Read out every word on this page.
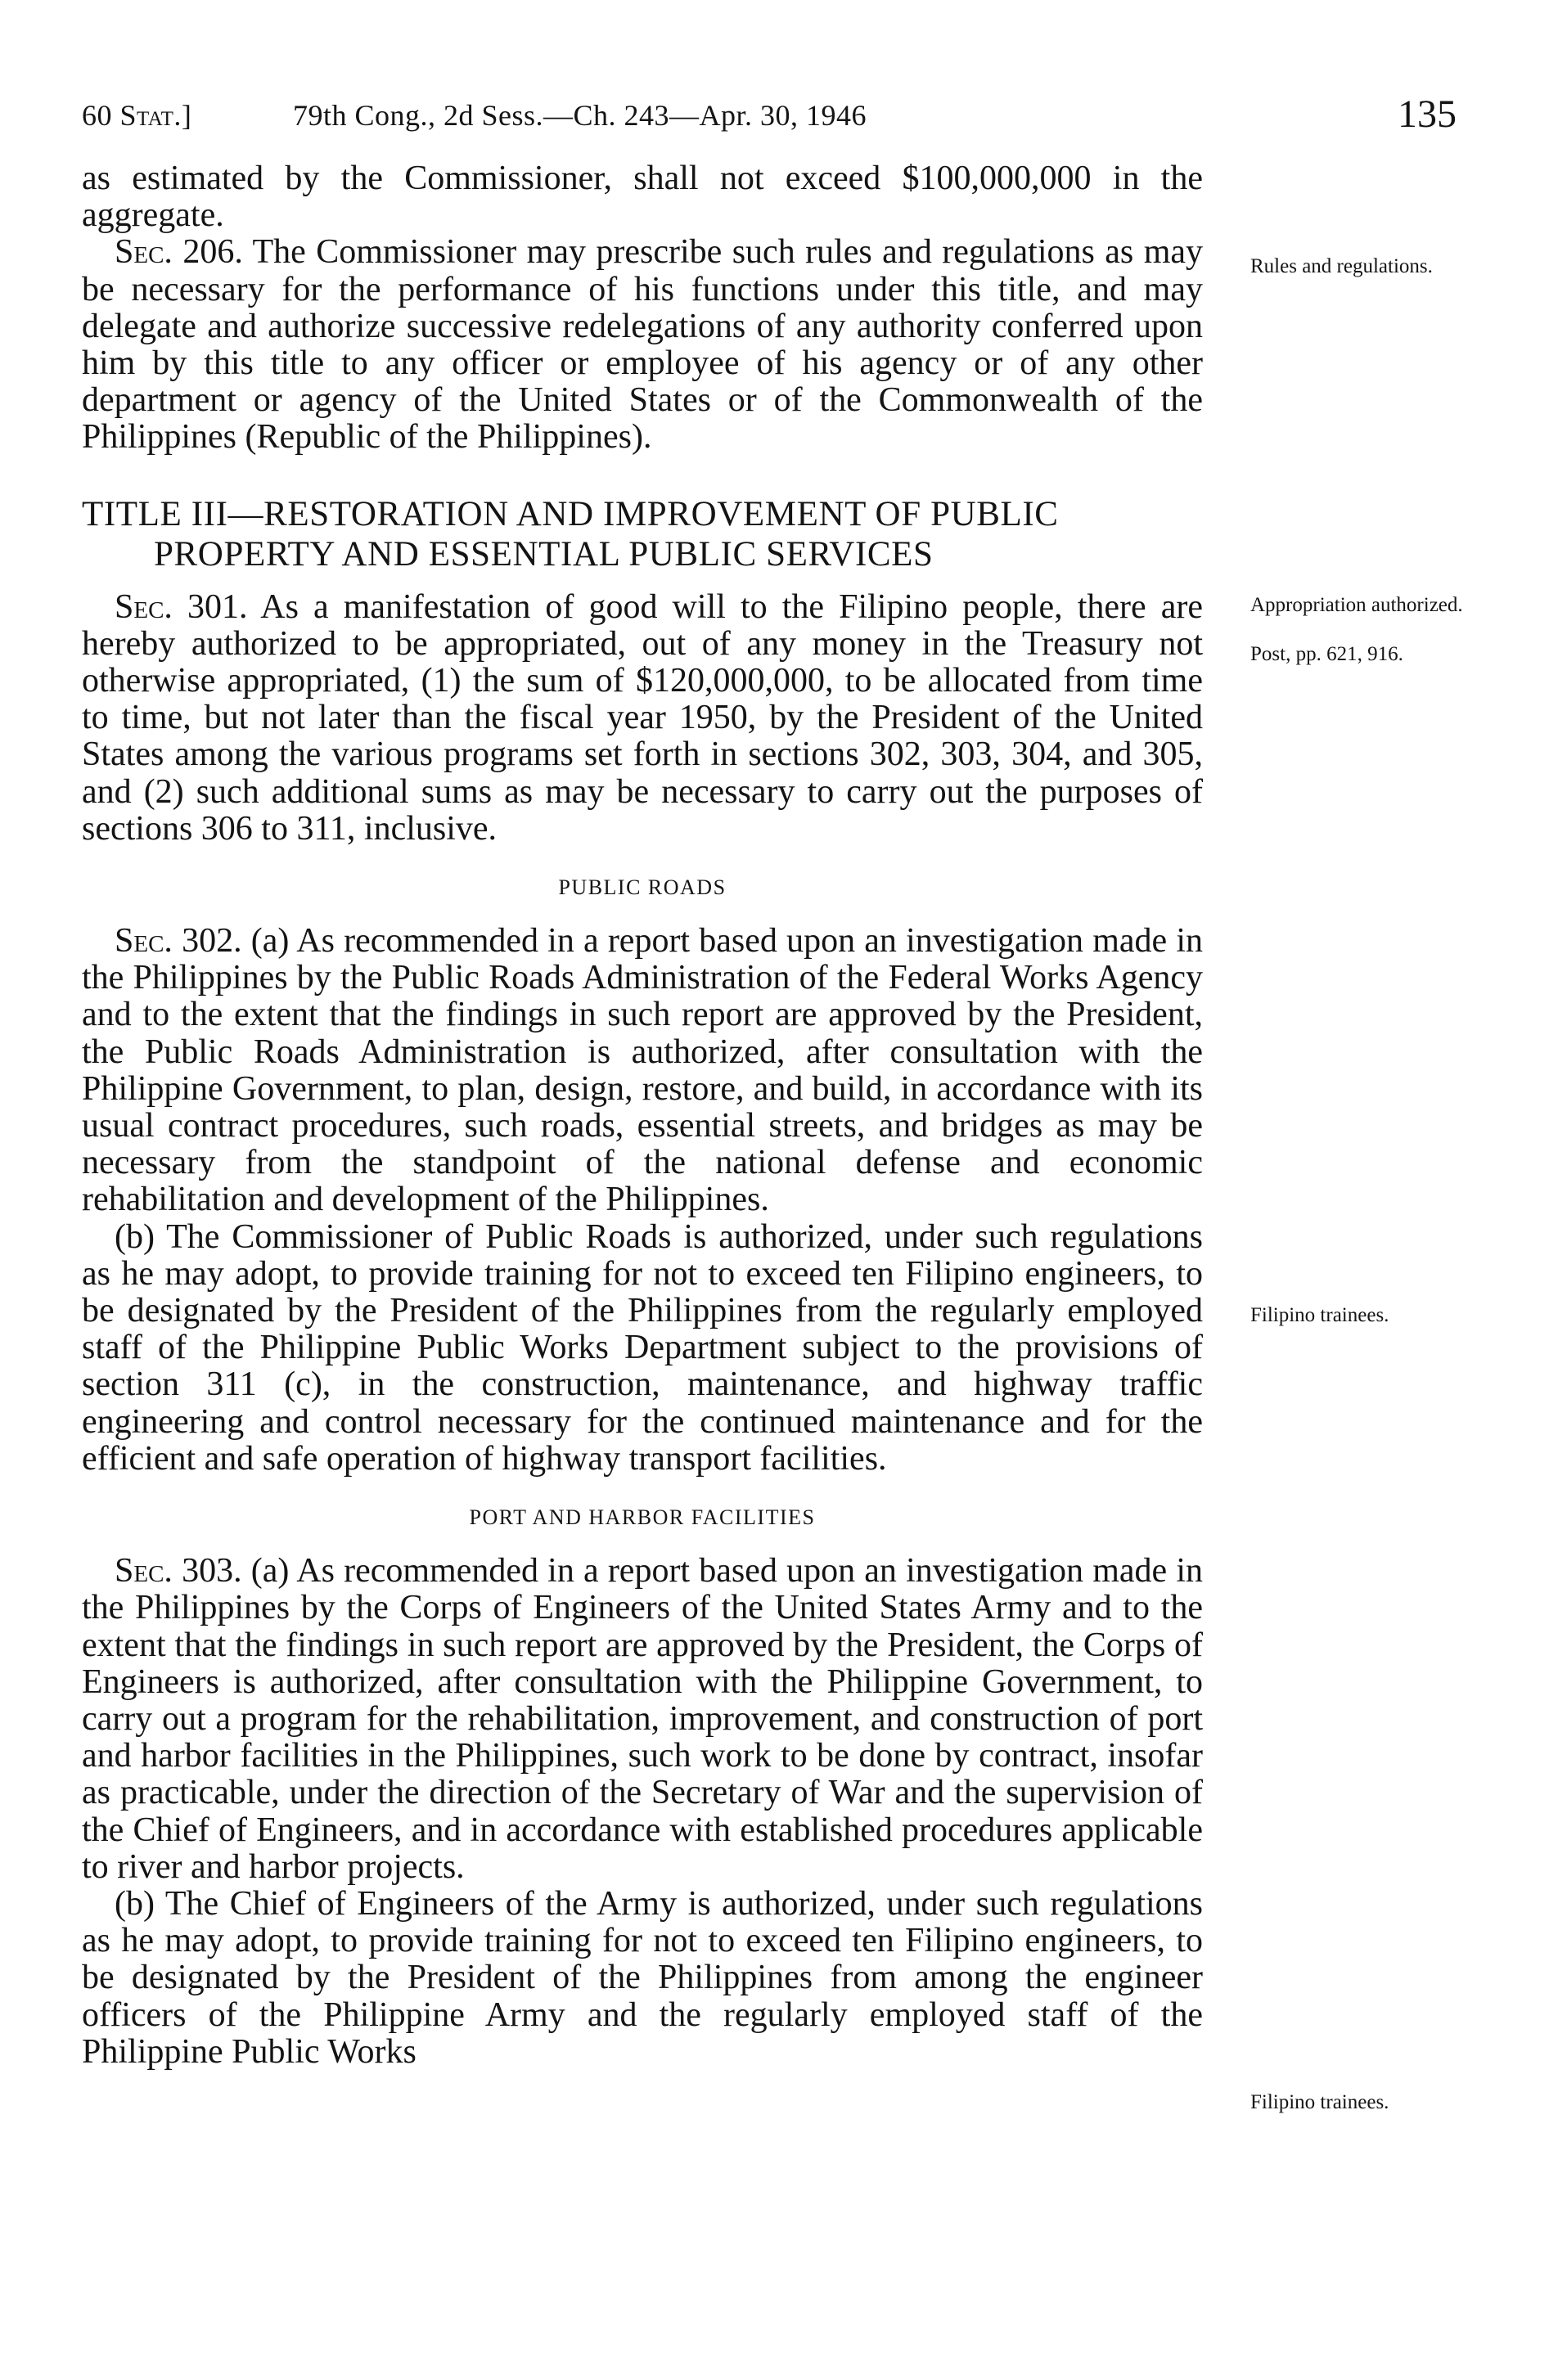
60 Stat.]	79th Cong., 2d Sess.—Ch. 243—Apr. 30, 1946	135

as estimated by the Commissioner, shall not exceed $100,000,000 in the aggregate.

Sec. 206. The Commissioner may prescribe such rules and regulations as may be necessary for the performance of his functions under this title, and may delegate and authorize successive redelegations of any authority conferred upon him by this title to any officer or employee of his agency or of any other department or agency of the United States or of the Commonwealth of the Philippines (Republic of the Philippines).

TITLE III—RESTORATION AND IMPROVEMENT OF PUBLIC PROPERTY AND ESSENTIAL PUBLIC SERVICES

Sec. 301. As a manifestation of good will to the Filipino people, there are hereby authorized to be appropriated, out of any money in the Treasury not otherwise appropriated, (1) the sum of $120,000,000, to be allocated from time to time, but not later than the fiscal year 1950, by the President of the United States among the various programs set forth in sections 302, 303, 304, and 305, and (2) such additional sums as may be necessary to carry out the purposes of sections 306 to 311, inclusive.

PUBLIC ROADS

Sec. 302. (a) As recommended in a report based upon an investigation made in the Philippines by the Public Roads Administration of the Federal Works Agency and to the extent that the findings in such report are approved by the President, the Public Roads Administration is authorized, after consultation with the Philippine Government, to plan, design, restore, and build, in accordance with its usual contract procedures, such roads, essential streets, and bridges as may be necessary from the standpoint of the national defense and economic rehabilitation and development of the Philippines.

(b) The Commissioner of Public Roads is authorized, under such regulations as he may adopt, to provide training for not to exceed ten Filipino engineers, to be designated by the President of the Philippines from the regularly employed staff of the Philippine Public Works Department subject to the provisions of section 311 (c), in the construction, maintenance, and highway traffic engineering and control necessary for the continued maintenance and for the efficient and safe operation of highway transport facilities.

PORT AND HARBOR FACILITIES

Sec. 303. (a) As recommended in a report based upon an investigation made in the Philippines by the Corps of Engineers of the United States Army and to the extent that the findings in such report are approved by the President, the Corps of Engineers is authorized, after consultation with the Philippine Government, to carry out a program for the rehabilitation, improvement, and construction of port and harbor facilities in the Philippines, such work to be done by contract, insofar as practicable, under the direction of the Secretary of War and the supervision of the Chief of Engineers, and in accordance with established procedures applicable to river and harbor projects.

(b) The Chief of Engineers of the Army is authorized, under such regulations as he may adopt, to provide training for not to exceed ten Filipino engineers, to be designated by the President of the Philippines from among the engineer officers of the Philippine Army and the regularly employed staff of the Philippine Public Works

Rules and regulations.
Appropriation authorized.
Post, pp. 621, 916.
Filipino trainees.
Filipino trainees.
